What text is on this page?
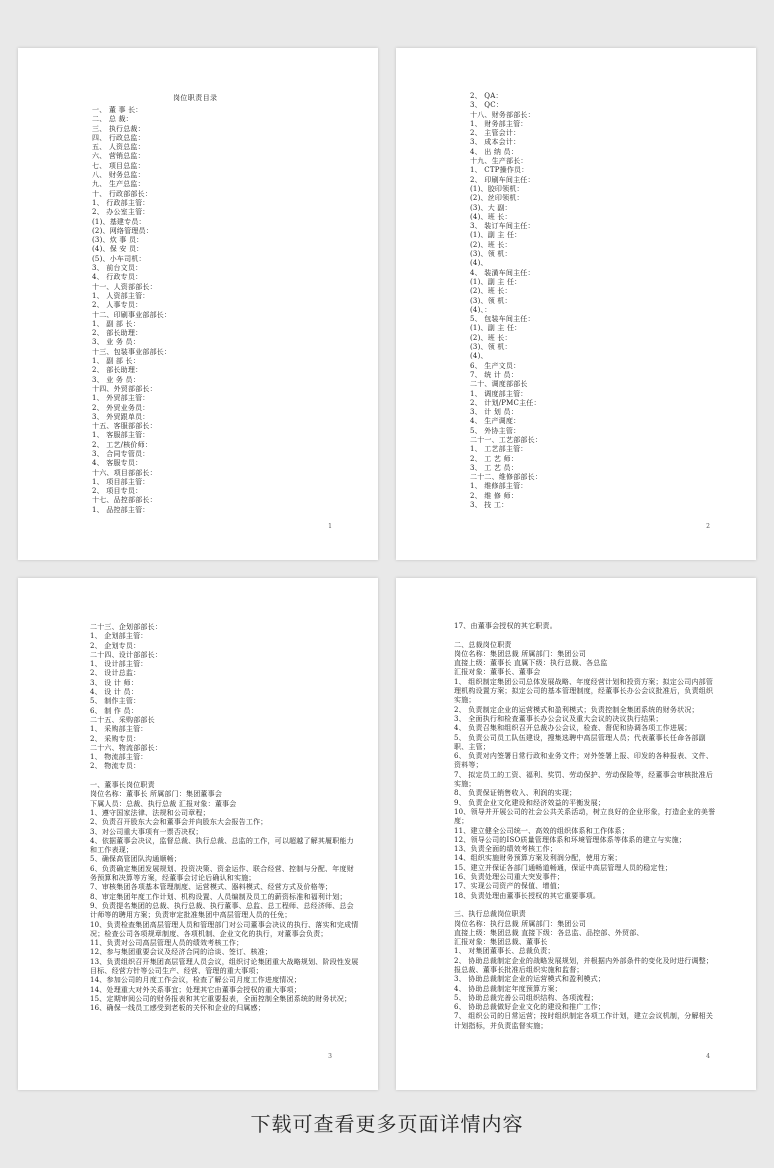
岗位职责目录
一、 董 事 长：
二、 总 裁：
三、 执行总裁：
四、 行政总监：
五、 人资总监：
六、 营销总监：
七、 项目总监：
八、 财务总监：
九、 生产总监：
十、 行政部部长：
1、 行政部主管：
2、 办公室主管：
(1)、基建专员：
(2)、网络管理员：
(3)、炊 事 员：
(4)、保 安 员：
(5)、小车司机：
3、 前台文员：
4、 行政专员：
十一、人资部部长：
1、 人资部主管：
2、 人事专员：
十二、印刷事业部部长：
1、 副 部 长：
2、 部长助理：
3、 业 务 员：
十三、包装事业部部长：
1、 副 部 长：
2、 部长助理：
3、 业 务 员：
十四、外贸部部长：
1、 外贸部主管：
2、 外贸业务员：
3、 外贸跟单员：
十五、客服部部长：
1、 客服部主管：
2、 工艺/核价师：
3、 合同专管员：
4、 客服专员：
十六、项目部部长：
1、 项目部主管：
2、 项目专员：
十七、品控部部长：
1、 品控部主管：
1
2、 QA：
3、 QC：
十八、财务部部长：
1、 财务部主管：
2、 主管会计：
3、 成本会计：
4、 出 纳 员：
十九、生产部长：
1、 CTP操作员：
2、 印刷车间主任：
(1)、胶印领机：
(2)、丝印领机：
(3)、大 副：
(4)、班 长：
3、 装订车间主任：
(1)、副 主 任：
(2)、班 长：
(3)、领 机：
(4)、
4、 装潢车间主任：
(1)、副 主 任：
(2)、班 长：
(3)、领 机：
(4)、：
5、 包装车间主任：
(1)、副 主 任：
(2)、班 长：
(3)、领 机：
(4)、
6、 生产文员：
7、 统 计 员：
二十、调度部部长
1、 调度部主管：
2、 计划/PMC主任：
3、 计 划 员：
4、 生产调度：
5、 外协主管：
二十一、工艺部部长：
1、 工艺部主管：
2、 工 艺 师：
3、 工 艺 员：
二十二、维修部部长：
1、 维修部主管：
2、 维 修 师：
3、 技 工：
2
二十三、企划部部长：
1、 企划部主管：
2、 企划专员：
二十四、设计部部长：
1、 设计部主管：
2、 设计总监：
3、 设 计 师：
4、 设 计 员：
5、 制作主管：
6、 制 作 员：
二十五、采购部部长
1、 采购部主管：
2、 采购专员：
二十六、物流部部长：
1、 物流部主管：
2、 物流专员：

一、董事长岗位职责
岗位名称：董事长 所属部门：集团董事会
下属人员：总裁、执行总裁 汇报对象：董事会
1、遵守国家法律、法规和公司章程；
2、负责召开股东大会和董事会并向股东大会报告工作；
3、对公司重大事项有一票否决权；
4、依据董事会决议，监督总裁、执行总裁、总监的工作，可以超越了解其履职能力和工作表现；
5、确保高管团队沟通顺畅；
6、负责确定集团发展规划、投资决策、资金运作、联合经营、控制与分配、年度财务预算和决算等方案，经董事会讨论后确认和实施；
7、审核集团各项基本管理制度、运营模式、器料模式、经营方式及价格等；
8、审定集团年度工作计划、机构设置、人员编制及员工的薪资标准和福利计划；
9、负责提名集团的总裁、执行总裁、执行董事、总监、总工程师、总经济师、总会计师等的聘用方案；负责审定批准集团中高层管理人员的任免；
10、负责检查集团高层管理人员和管理部门对公司董事会决议的执行、落实和完成情况；检查公司各项规章制度、各项机制、企业文化的执行，对董事会负责；
11、负责对公司高层管理人员的绩效考核工作；
12、参与集团重要会议及经济合同的洽谈、签订、核准；
13、负责组织召开集团高层管理人员会议，组织讨论集团重大战略规划、阶段性发展目标、经营方针等公司生产、经营、管理的重大事项；
14、参加公司的月度工作会议，检查了解公司月度工作进度情况；
14、处理重大对外关系事宜；处理其它由董事会授权的重大事项；
15、定期审阅公司的财务报表和其它重要报表，全面控制全集团系统的财务状况；
16、确保一线员工感受到老板的关怀和企业的归属感；
3
17、由董事会授权的其它职责。

二、总裁岗位职责
岗位名称：集团总裁 所属部门：集团公司
直接上级：董事长 直属下级：执行总裁、各总监
汇报对象：董事长、董事会
1、 组织制定集团公司总体发展战略、年度经营计划和投资方案；拟定公司内部管理机构设置方案；拟定公司的基本管理制度，经董事长办公会议批准后，负责组织实施；
2、 负责制定企业的运营模式和盈利模式；负责控制全集团系统的财务状况；
3、 全面执行和检查董事长办公会议及重大会议的决议执行结果；
4、 负责召集和组织召开总裁办公会议，检查、督促和协调各项工作进展；
5、 负责公司员工队伍建设，搜集选聘中高层管理人员；代表董事长任命各部副职、主管；
6、 负责对内签署日常行政和业务文件；对外签署上报、印发的各种报表、文件、资料等；
7、 拟定员工的工资、福利、奖罚、劳动保护、劳动保险等，经董事会审核批准后实施；
8、 负责保证销售收入、利润的实现；
9、 负责企业文化建设和经济效益的平衡发展；
10、领导并开展公司的社会公共关系活动，树立良好的企业形象，打造企业的美誉度；
11、建立健全公司统一、高效的组织体系和工作体系；
12、领导公司的ISO质量管理体系和环境管理体系等体系的建立与实施；
13、负责全面的绩效考核工作；
14、组织实施财务预算方案及利润分配，使用方案；
15、建立并保证各部门通畅道畅通，保证中高层管理人员的稳定性；
16、负责处理公司重大突发事件；
17、实现公司资产的保值、增值；
18、负责处理由董事长授权的其它重要事项。

三、执行总裁岗位职责
岗位名称：执行总裁 所属部门：集团公司
直接上级：集团总裁 直接下级：各总监、品控部、外贸部、
汇报对象：集团总裁、董事长
1、 对集团董事长、总裁负责；
2、 协助总裁制定企业的战略发展规划，并根据内外部条件的变化及时进行调整；报总裁、董事长批准后组织实施和监督；
3、 协助总裁制定企业的运营模式和盈利模式；
4、 协助总裁制定年度预算方案；
5、 协助总裁完善公司组织结构、各项流程；
6、 协助总裁做好企业文化的建设和推广工作；
7、 组织公司的日常运营；按时组织制定各项工作计划，建立会议机制，分解相关计划指标，并负责监督实施；
4
下载可查看更多页面详情内容
